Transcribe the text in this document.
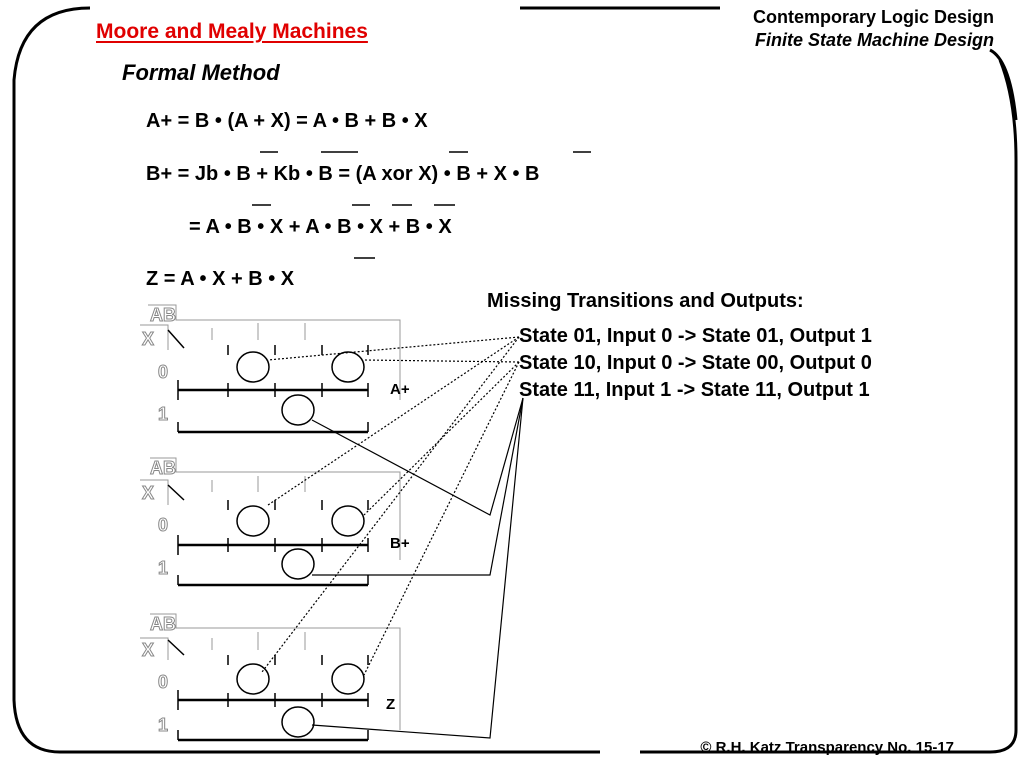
AB
X
0
1
AB
X
0
1
AB
X
0
1
Moore and Mealy Machines
Contemporary Logic Design
Finite State Machine Design
Formal Method
A+ = B • (A + X) = A • B + B • X
B+ = Jb • B + Kb • B = (A xor X) • B + X • B
= A • B • X + A • B • X + B • X
Z = A • X + B • X
Missing Transitions and Outputs:
State 01, Input 0 -> State 01, Output 1
State 10, Input 0 -> State 00, Output 0
State 11, Input 1 -> State 11, Output 1
A+
B+
Z
© R.H. Katz Transparency No. 15-17
